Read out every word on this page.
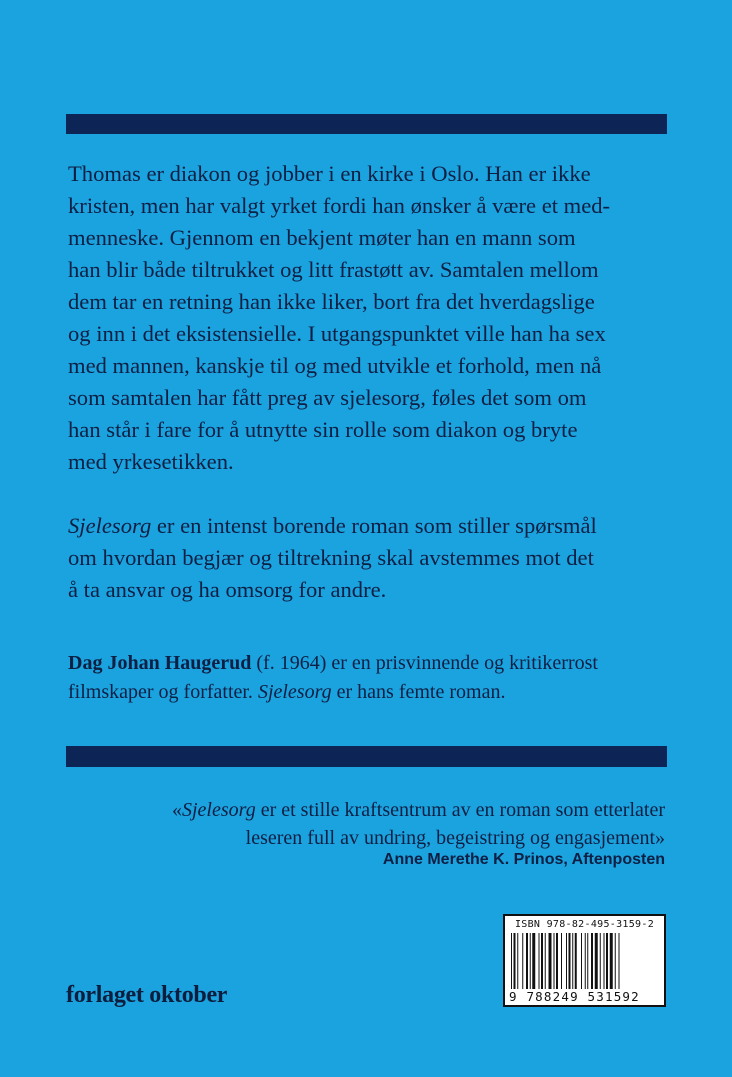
Thomas er diakon og jobber i en kirke i Oslo. Han er ikke
kristen, men har valgt yrket fordi han ønsker å være et med-
menneske. Gjennom en bekjent møter han en mann som
han blir både tiltrukket og litt frastøtt av. Samtalen mellom
dem tar en retning han ikke liker, bort fra det hverdagslige
og inn i det eksistensielle. I utgangspunktet ville han ha sex
med mannen, kanskje til og med utvikle et forhold, men nå
som samtalen har fått preg av sjelesorg, føles det som om
han står i fare for å utnytte sin rolle som diakon og bryte
med yrkesetikken.

Sjelesorg er en intenst borende roman som stiller spørsmål
om hvordan begjær og tiltrekning skal avstemmes mot det
å ta ansvar og ha omsorg for andre.

Dag Johan Haugerud (f. 1964) er en prisvinnende og kritikerrost
filmskaper og forfatter. Sjelesorg er hans femte roman.
«Sjelesorg er et stille kraftsentrum av en roman som etterlater
leseren full av undring, begeistring og engasjement»
Anne Merethe K. Prinos, Aftenposten
forlaget oktober
ISBN 978-82-495-3159-2
9 788249 531592
